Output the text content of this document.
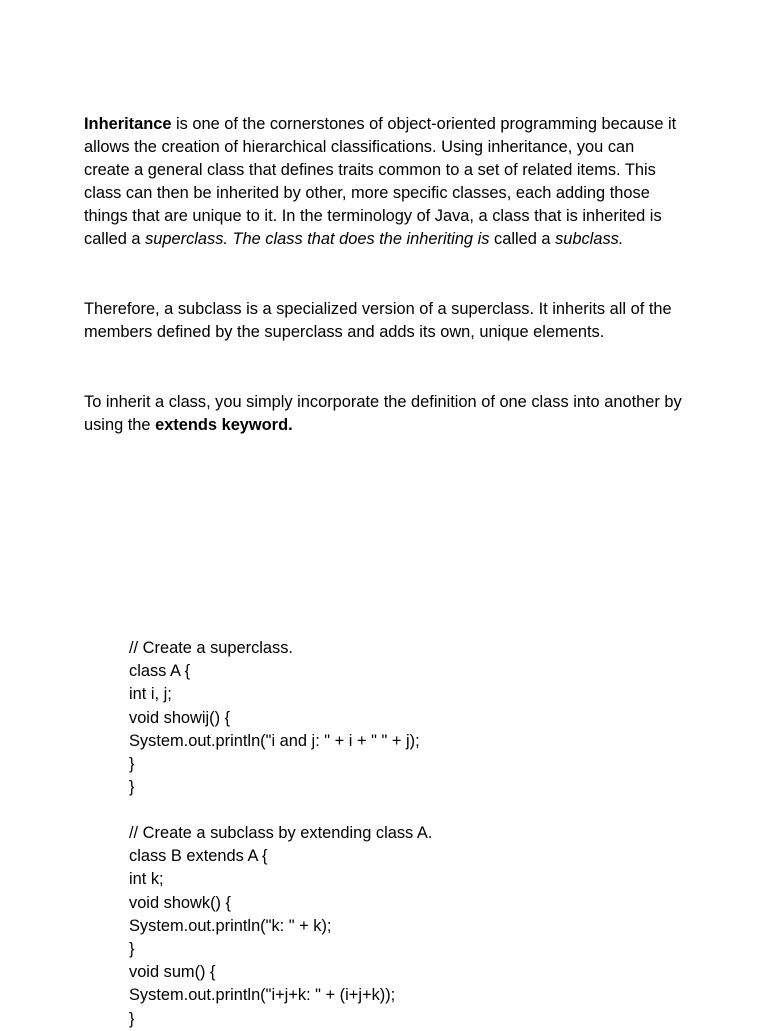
Inheritance is one of the cornerstones of object-oriented programming because it allows the creation of hierarchical classifications. Using inheritance, you can create a general class that defines traits common to a set of related items. This class can then be inherited by other, more specific classes, each adding those things that are unique to it. In the terminology of Java, a class that is inherited is called a superclass. The class that does the inheriting is called a subclass.

Therefore, a subclass is a specialized version of a superclass. It inherits all of the members defined by the superclass and adds its own, unique elements.

To inherit a class, you simply incorporate the definition of one class into another by using the extends keyword.

// Create a superclass.
class A {
int i, j;
void showij() {
System.out.println("i and j: " + i + " " + j);
}
}
// Create a subclass by extending class A.
class B extends A {
int k;
void showk() {
System.out.println("k: " + k);
}
void sum() {
System.out.println("i+j+k: " + (i+j+k));
}
